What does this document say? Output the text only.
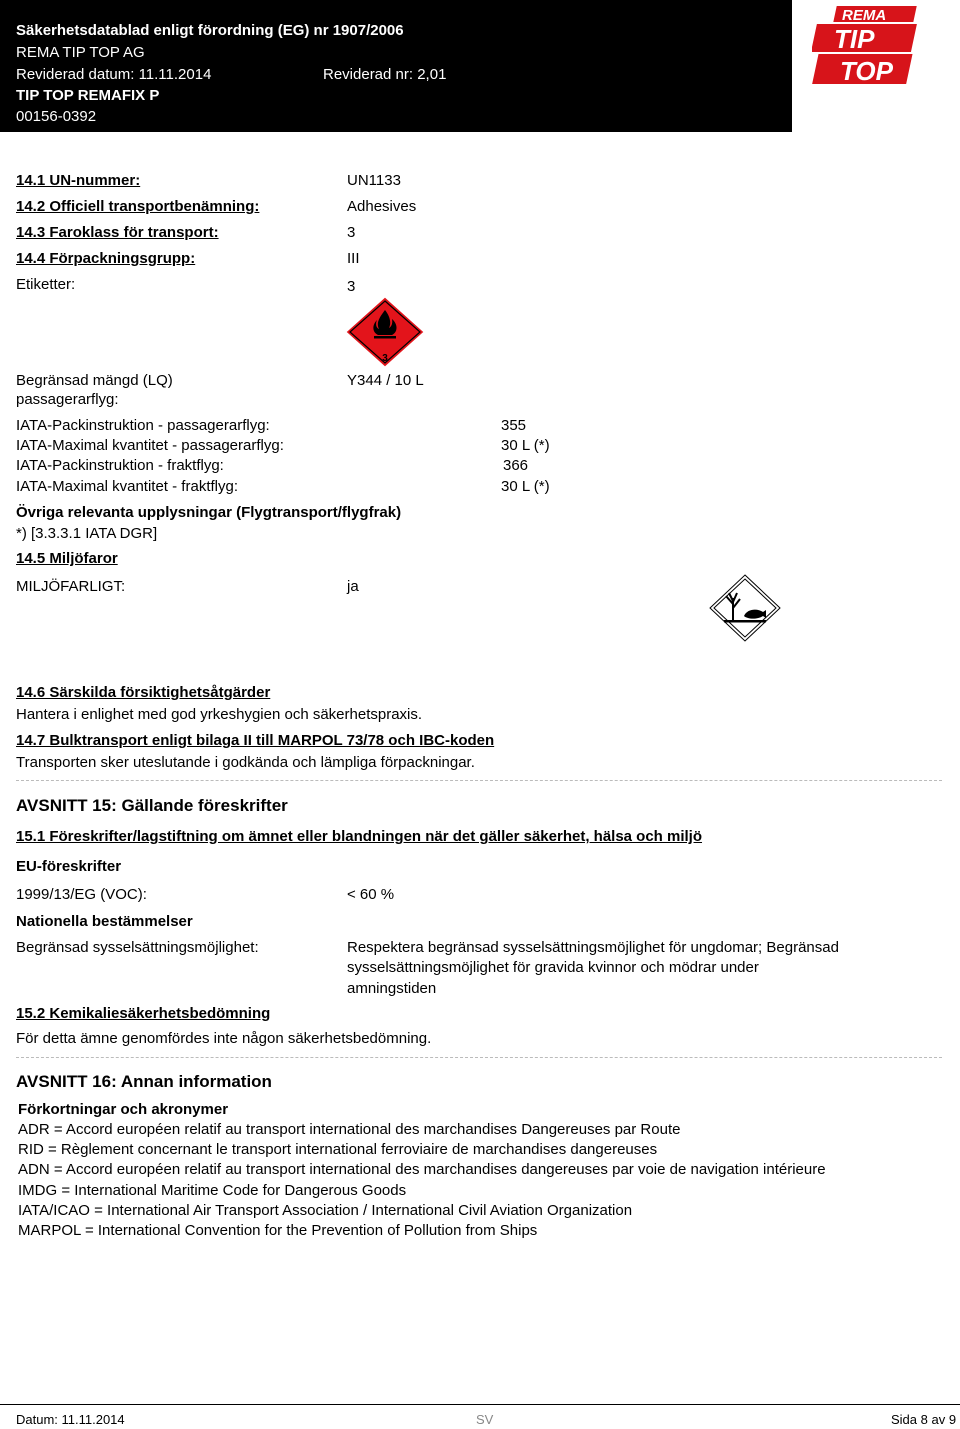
Säkerhetsdatablad enligt förordning (EG) nr 1907/2006
REMA TIP TOP AG
Reviderad datum: 11.11.2014	Reviderad nr: 2,01
TIP TOP REMAFIX P
00156-0392
REMA
TIP
TOP
14.1 UN-nummer:	UN1133
14.2 Officiell transportbenämning:	Adhesives
14.3 Faroklass för transport:	3
14.4 Förpackningsgrupp:	III
Etiketter:	3
3
Begränsad mängd (LQ)
passagerarflyg:
Y344 / 10 L
IATA-Packinstruktion - passagerarflyg:	355
IATA-Maximal kvantitet - passagerarflyg:	30 L (*)
IATA-Packinstruktion - fraktflyg:	366
IATA-Maximal kvantitet - fraktflyg:	30 L (*)
Övriga relevanta upplysningar (Flygtransport/flygfrak)
*) [3.3.3.1 IATA DGR]
14.5 Miljöfaror
MILJÖFARLIGT:	ja
14.6 Särskilda försiktighetsåtgärder
Hantera i enlighet med god yrkeshygien och säkerhetspraxis.
14.7 Bulktransport enligt bilaga II till MARPOL 73/78 och IBC-koden
Transporten sker uteslutande i godkända och lämpliga förpackningar.
AVSNITT 15: Gällande föreskrifter
15.1 Föreskrifter/lagstiftning om ämnet eller blandningen när det gäller säkerhet, hälsa och miljö
EU-föreskrifter
1999/13/EG (VOC):	< 60 %
Nationella bestämmelser
Begränsad sysselsättningsmöjlighet:	Respektera begränsad sysselsättningsmöjlighet för ungdomar; Begränsad
sysselsättningsmöjlighet för gravida kvinnor och mödrar under
amningstiden
15.2 Kemikaliesäkerhetsbedömning
För detta ämne genomfördes inte någon säkerhetsbedömning.
AVSNITT 16: Annan information
Förkortningar och akronymer
ADR = Accord européen relatif au transport international des marchandises Dangereuses par Route
RID = Règlement concernant le transport international ferroviaire de marchandises dangereuses
ADN = Accord européen relatif au transport international des marchandises dangereuses par voie de navigation intérieure
IMDG = International Maritime Code for Dangerous Goods
IATA/ICAO = International Air Transport Association / International Civil Aviation Organization
MARPOL = International Convention for the Prevention of Pollution from Ships
Datum: 11.11.2014	SV	Sida 8 av 9
